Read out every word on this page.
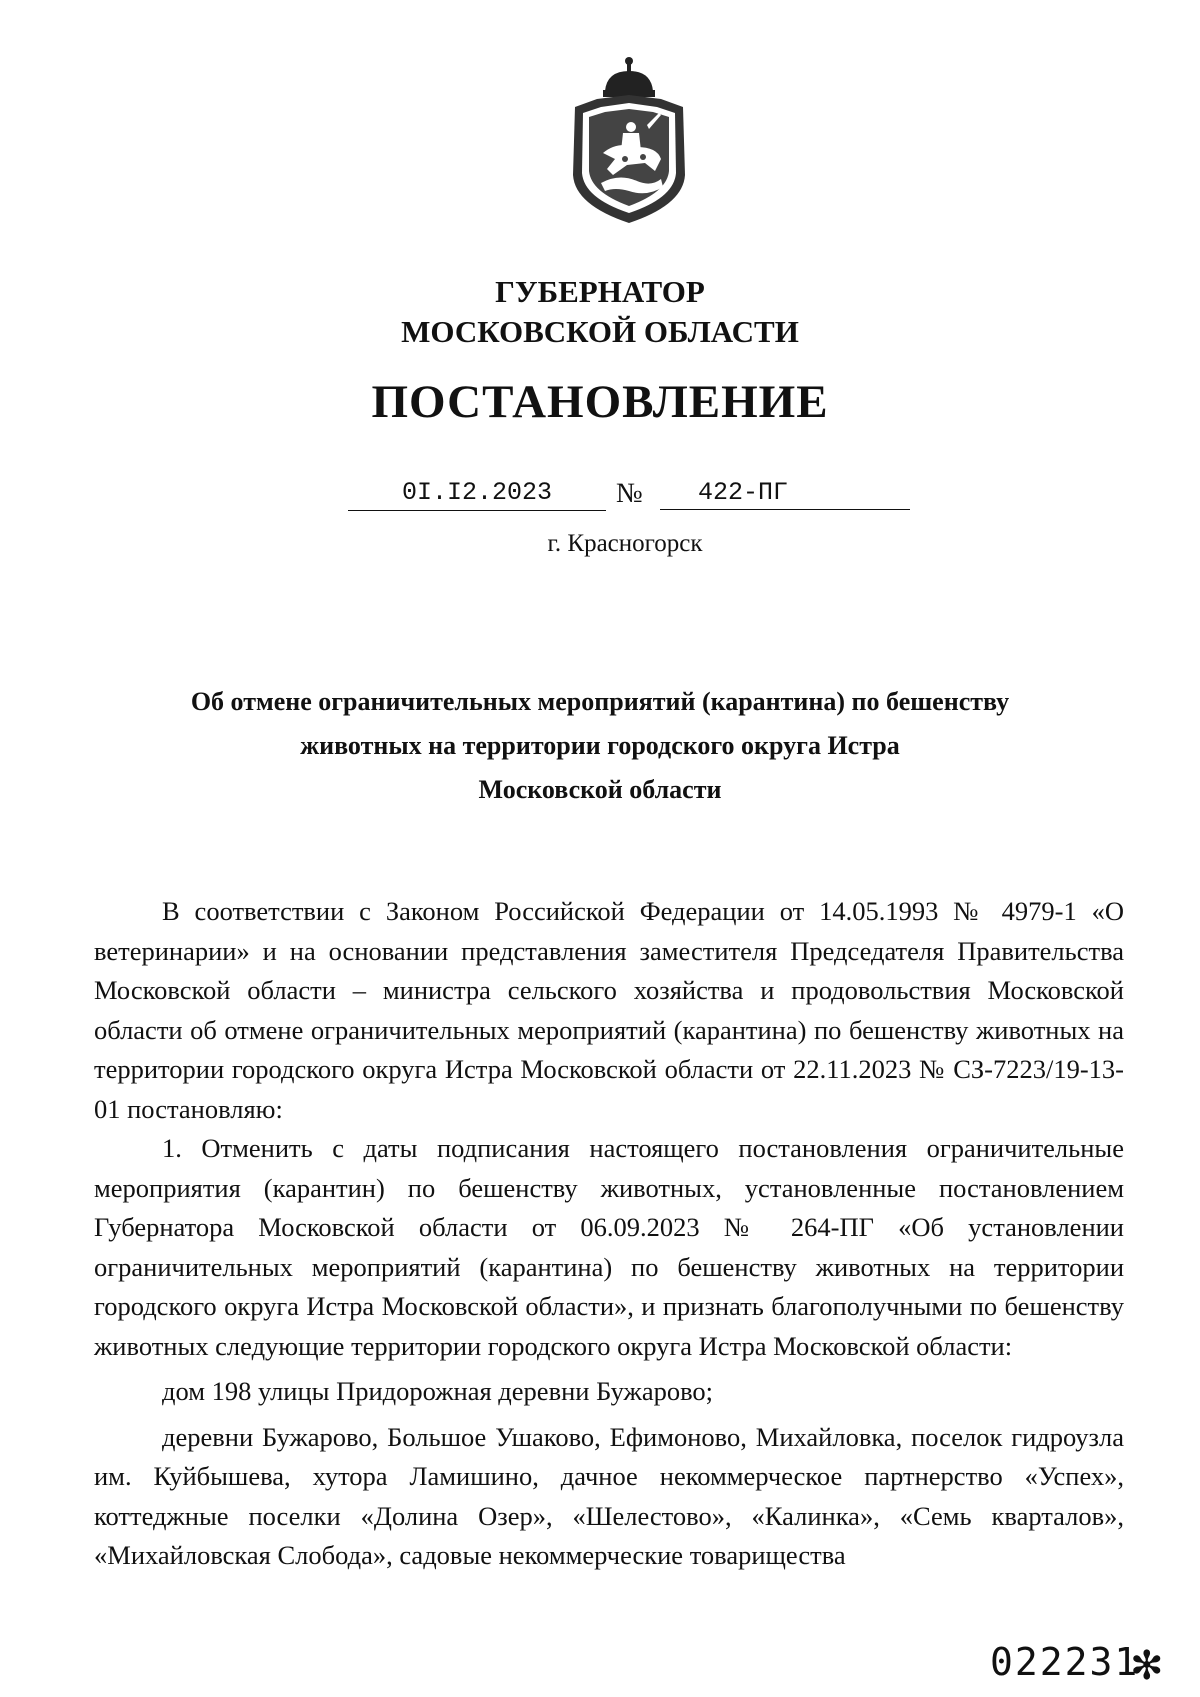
ГУБЕРНАТОР
МОСКОВСКОЙ ОБЛАСТИ
ПОСТАНОВЛЕНИЕ
0I.I2.2023	№	422-ПГ
г. Красногорск
Об отмене ограничительных мероприятий (карантина) по бешенству
животных на территории городского округа Истра
Московской области

В соответствии с Законом Российской Федерации от 14.05.1993 № 4979-1 «О ветеринарии» и на основании представления заместителя Председателя Правительства Московской области – министра сельского хозяйства и продовольствия Московской области об отмене ограничительных мероприятий (карантина) по бешенству животных на территории городского округа Истра Московской области от 22.11.2023 № СЗ-7223/19-13-01 постановляю:

1. Отменить с даты подписания настоящего постановления ограничительные мероприятия (карантин) по бешенству животных, установленные постановлением Губернатора Московской области от 06.09.2023 № 264-ПГ «Об установлении ограничительных мероприятий (карантина) по бешенству животных на территории городского округа Истра Московской области», и признать благополучными по бешенству животных следующие территории городского округа Истра Московской области:

дом 198 улицы Придорожная деревни Бужарово;

деревни Бужарово, Большое Ушаково, Ефимоново, Михайловка, поселок гидроузла им. Куйбышева, хутора Ламишино, дачное некоммерческое партнерство «Успех», коттеджные поселки «Долина Озер», «Шелестово», «Калинка», «Семь кварталов», «Михайловская Слобода», садовые некоммерческие товарищества

022231
✻
